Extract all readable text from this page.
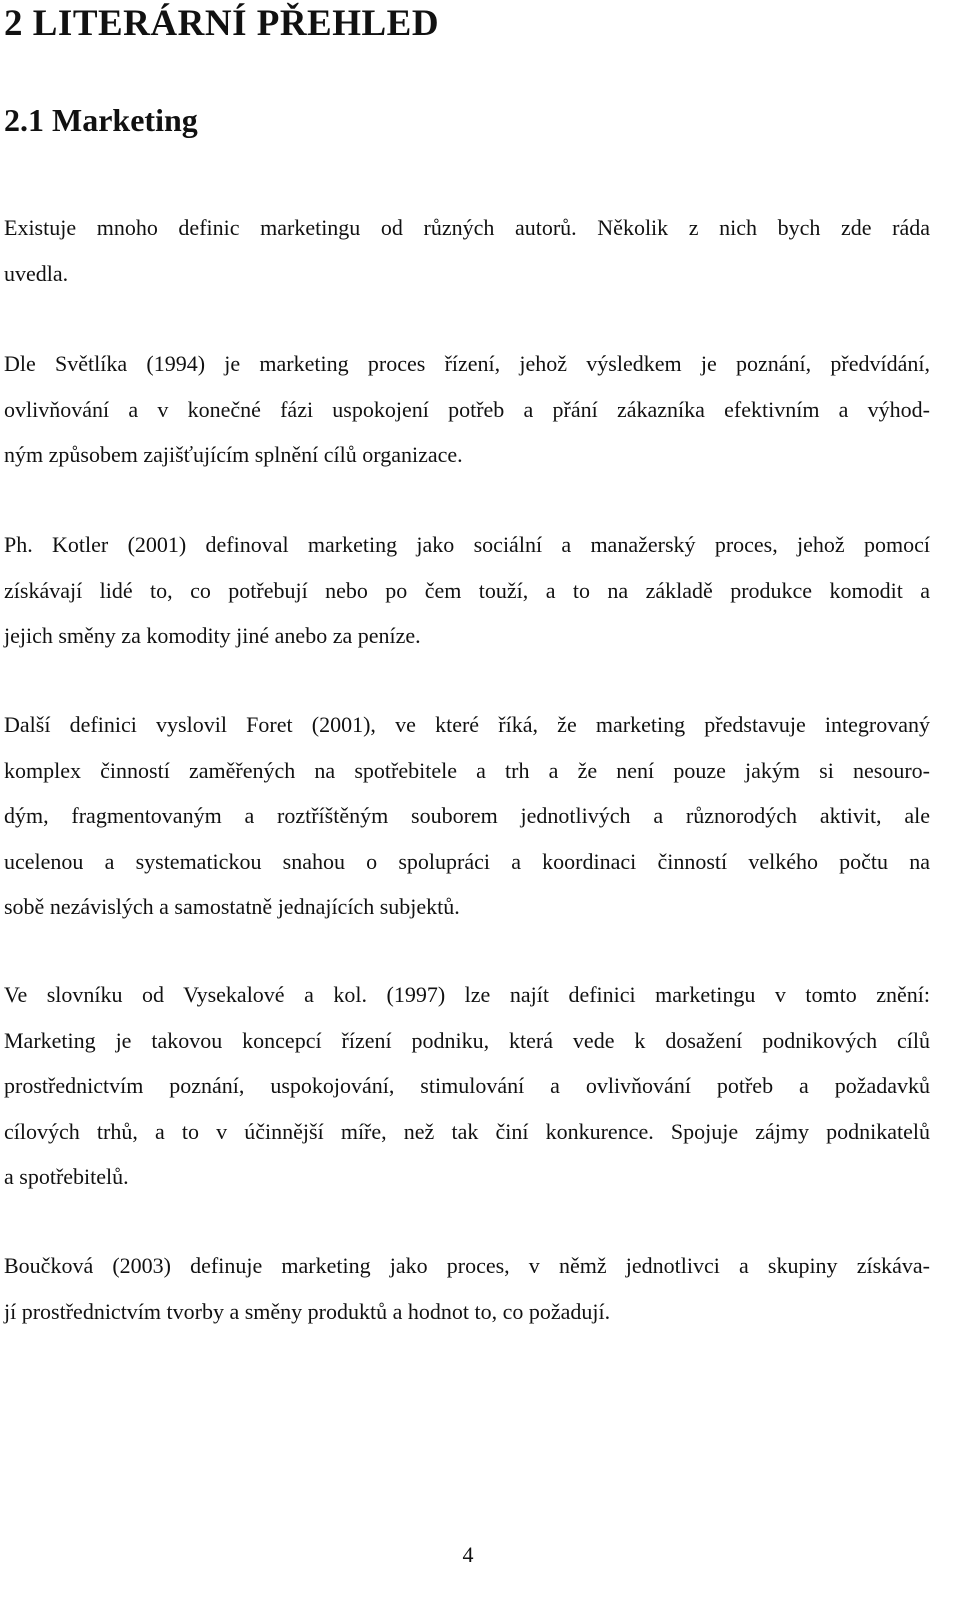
2 LITERÁRNÍ PŘEHLED
2.1 Marketing

Existuje mnoho definic marketingu od různých autorů. Několik z nich bych zde ráda
uvedla.

Dle Světlíka (1994) je marketing proces řízení, jehož výsledkem je poznání, předvídání,
ovlivňování a v konečné fázi uspokojení potřeb a přání zákazníka efektivním a výhod-
ným způsobem zajišťujícím splnění cílů organizace.

Ph. Kotler (2001) definoval marketing jako sociální a manažerský proces, jehož pomocí
získávají lidé to, co potřebují nebo po čem touží, a to na základě produkce komodit a
jejich směny za komodity jiné anebo za peníze.

Další definici vyslovil Foret (2001), ve které říká, že marketing představuje integrovaný
komplex činností zaměřených na spotřebitele a trh a že není pouze jakým si nesouro-
dým, fragmentovaným a roztříštěným souborem jednotlivých a různorodých aktivit, ale
ucelenou a systematickou snahou o spolupráci a koordinaci činností velkého počtu na
sobě nezávislých a samostatně jednajících subjektů.

Ve slovníku od Vysekalové a kol. (1997) lze najít definici marketingu v tomto znění:
Marketing je takovou koncepcí řízení podniku, která vede k dosažení podnikových cílů
prostřednictvím poznání, uspokojování, stimulování a ovlivňování potřeb a požadavků
cílových trhů, a to v účinnější míře, než tak činí konkurence. Spojuje zájmy podnikatelů
a spotřebitelů.

Boučková (2003) definuje marketing jako proces, v němž jednotlivci a skupiny získáva-
jí prostřednictvím tvorby a směny produktů a hodnot to, co požadují.

4
